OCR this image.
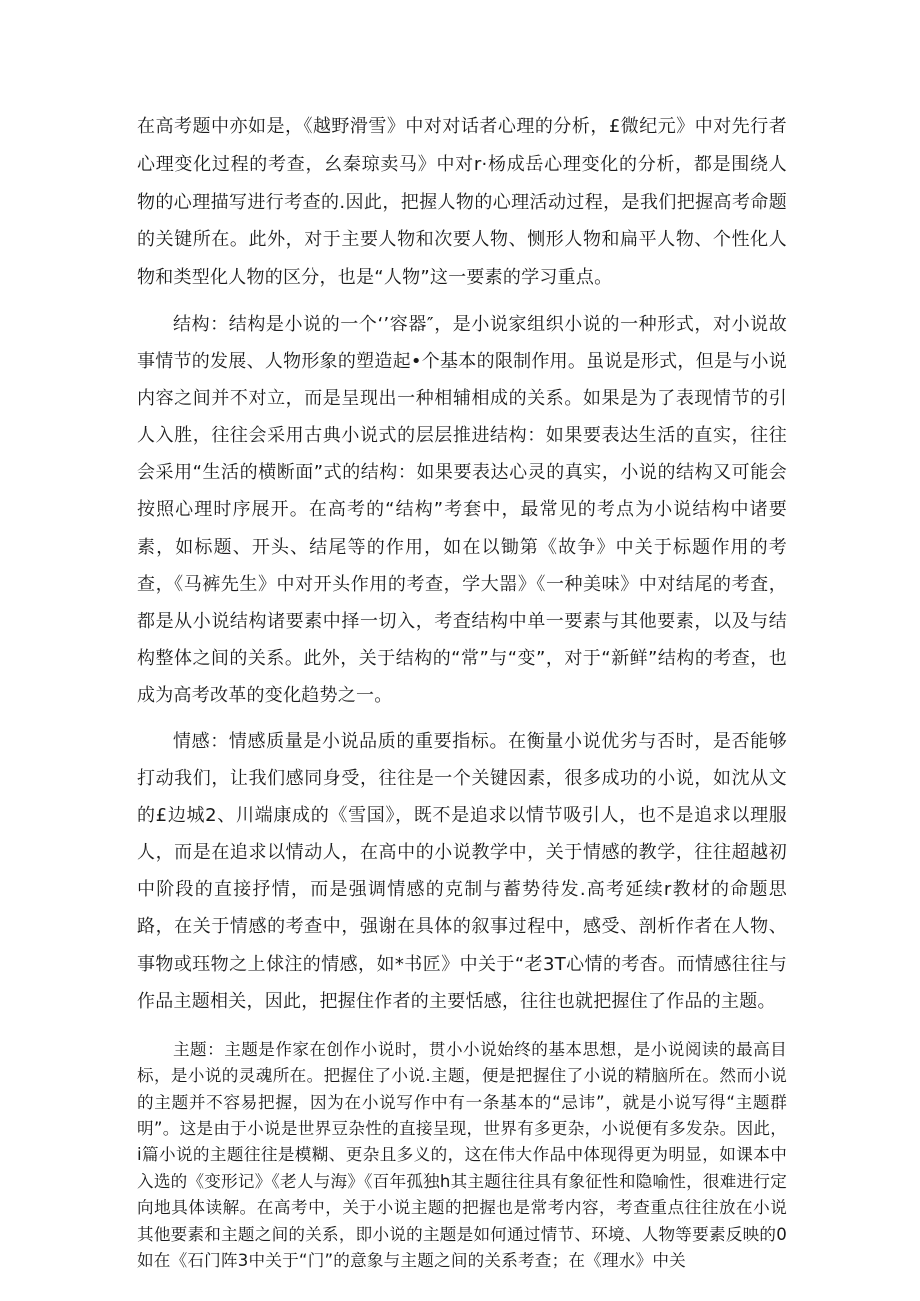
在高考题中亦如是，《越野滑雪》中对对话者心理的分析，£微纪元》中对先行者心理变化过程的考查，幺秦琼卖马》中对r·杨成岳心理变化的分析，都是围绕人物的心理描写进行考查的.因此，把握人物的心理活动过程，是我们把握高考命题的关键所在。此外，对于主要人物和次要人物、恻形人物和扁平人物、个性化人物和类型化人物的区分，也是“人物”这一要素的学习重点。

结构：结构是小说的一个‘’容器″，是小说家组织小说的一种形式，对小说故事情节的发展、人物形象的塑造起•个基本的限制作用。虽说是形式，但是与小说内容之间并不对立，而是呈现出一种相辅相成的关系。如果是为了表现情节的引人入胜，往往会采用古典小说式的层层推进结构：如果要表达生活的直实，往往会采用“生活的横断面”式的结构：如果要表达心灵的真实，小说的结构又可能会按照心理时序展开。在高考的“结构”考套中，最常见的考点为小说结构中诸要素，如标题、开头、结尾等的作用，如在以锄第《故争》中关于标题作用的考查，《马裤先生》中对开头作用的考查，学大噐》《一种美味》中对结尾的考査，都是从小说结构诸要素中择一切入，考査结构中单一要素与其他要素，以及与结构整体之间的关系。此外，关于结构的“常”与“变”，对于“新鲜”结构的考查，也成为高考改革的变化趋势之一。

情感：情感质量是小说品质的重要指标。在衡量小说优劣与否时，是否能够打动我们，让我们感同身受，往往是一个关键因素，很多成功的小说，如沈从文的£边城2、川端康成的《雪国》，既不是追求以情节吸引人，也不是追求以理服人，而是在追求以情动人，在高中的小说教学中，关于情感的教学，往往超越初中阶段的直接抒情，而是强调情感的克制与蓄势待发.高考延续r教材的命题思路，在关于情感的考查中，强谢在具体的叙事过程中，感受、剖析作者在人物、事物或珏物之上俅注的情感，如*书匠》中关于“老3T心情的考杳。而情感往往与作品主题相关，因此，把握住作者的主要恬感，往往也就把握住了作品的主题。

主题：主题是作家在创作小说时，贯小小说始终的基本思想，是小说阅读的最高目标，是小说的灵魂所在。把握住了小说.主题，便是把握住了小说的精脑所在。然而小说的主题并不容易把握，因为在小说写作中有一条基本的“忌讳”，就是小说写得“主题群明”。这是由于小说是世界豆杂性的直接呈现，世界有多更杂，小说便有多发杂。因此，i篇小说的主题往往是模糊、更杂且多义的，这在伟大作品中体现得更为明显，如课本中入选的《变形记》《老人与海》《百年孤独h其主题往往具有象征性和隐喻性，很难进行定向地具体读解。在高考中，关于小说主题的把握也是常考内容，考查重点往往放在小说其他要素和主题之间的关系，即小说的主题是如何通过情节、环境、人物等要素反映的0如在《石门阵3中关于“门”的意象与主题之间的关系考查；在《理水》中关
